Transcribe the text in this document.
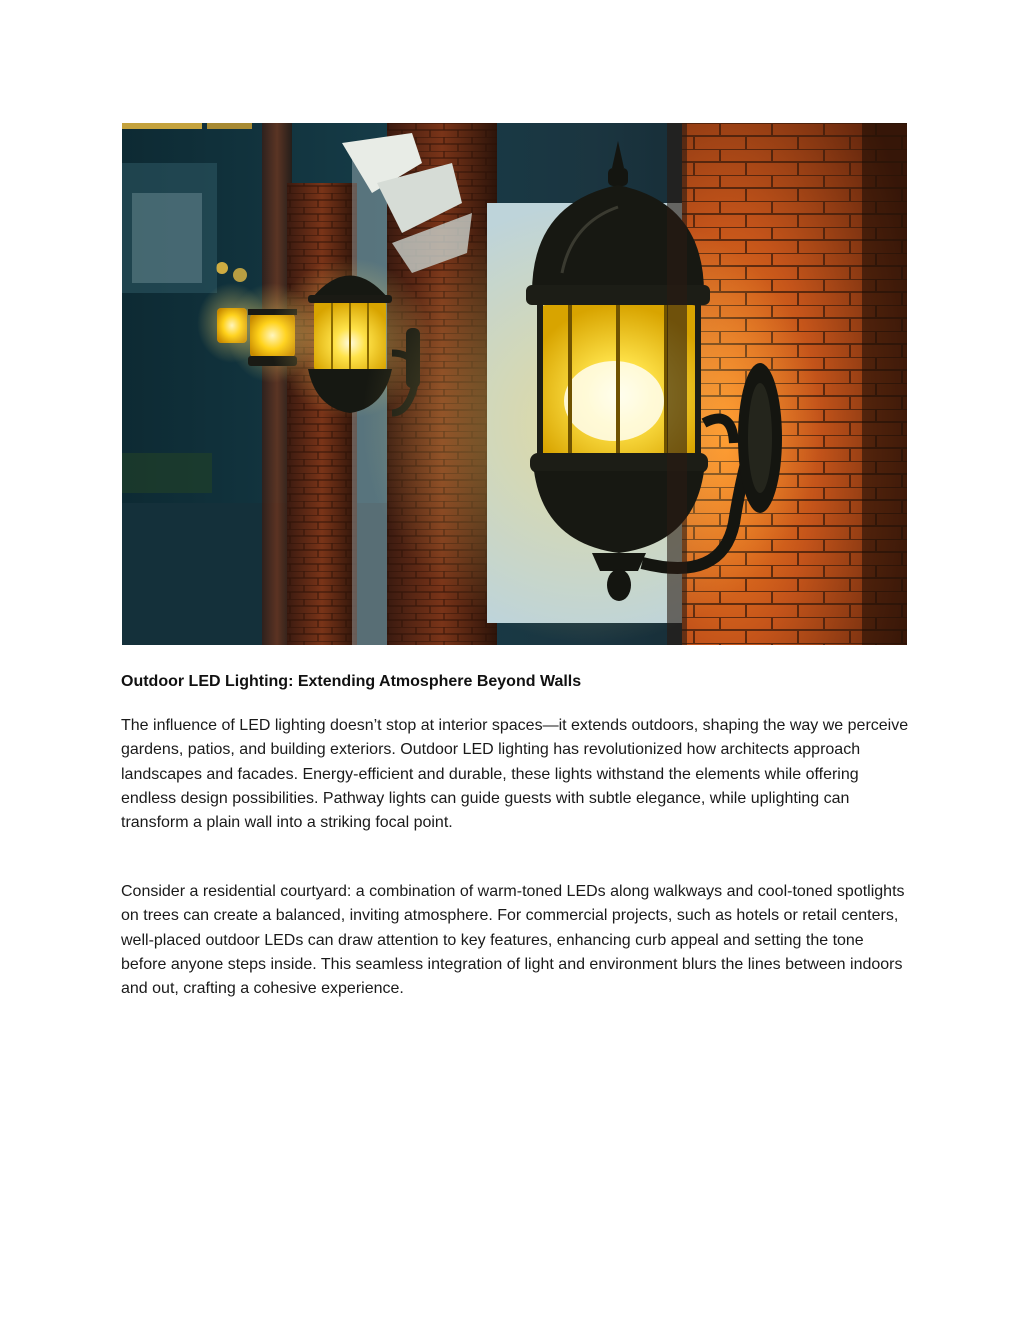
Outdoor LED Lighting: Extending Atmosphere Beyond Walls

The influence of LED lighting doesn’t stop at interior spaces—it extends outdoors, shaping the way we perceive gardens, patios, and building exteriors. Outdoor LED lighting has revolutionized how architects approach landscapes and facades. Energy-efficient and durable, these lights withstand the elements while offering endless design possibilities. Pathway lights can guide guests with subtle elegance, while uplighting can transform a plain wall into a striking focal point.

Consider a residential courtyard: a combination of warm-toned LEDs along walkways and cool-toned spotlights on trees can create a balanced, inviting atmosphere. For commercial projects, such as hotels or retail centers, well-placed outdoor LEDs can draw attention to key features, enhancing curb appeal and setting the tone before anyone steps inside. This seamless integration of light and environment blurs the lines between indoors and out, crafting a cohesive experience.
